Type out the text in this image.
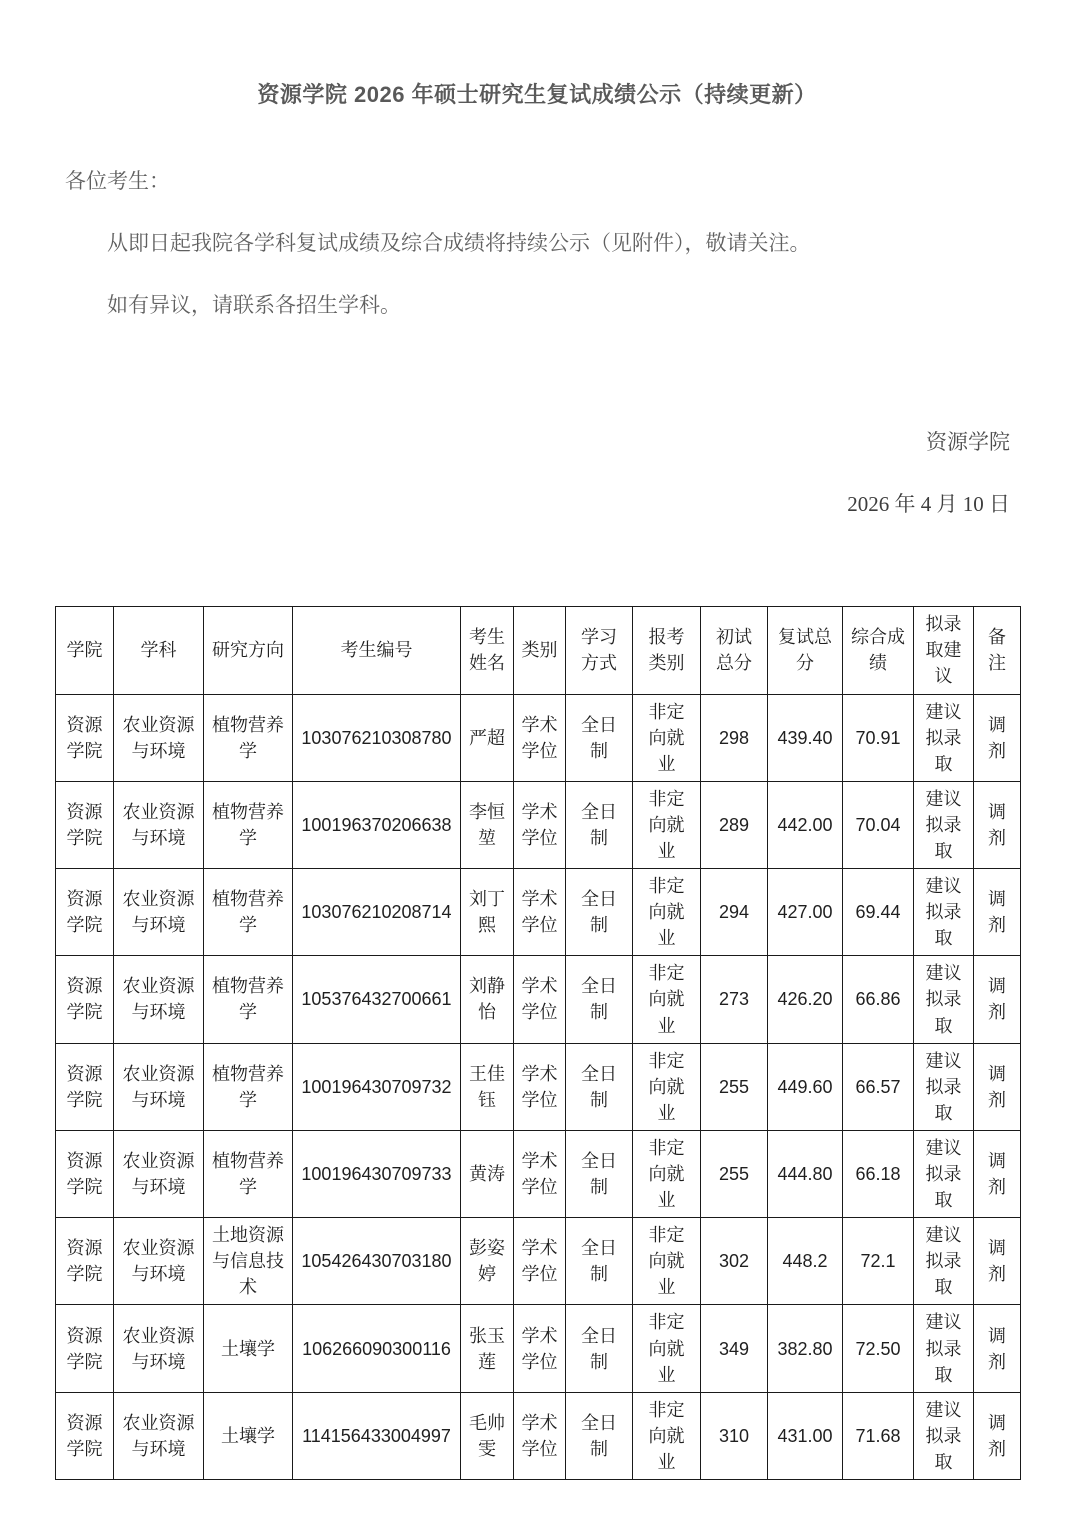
资源学院 2026 年硕士研究生复试成绩公示（持续更新）

各位考生：

从即日起我院各学科复试成绩及综合成绩将持续公示（见附件），敬请关注。

如有异议，请联系各招生学科。

资源学院
2026 年 4 月 10 日
学院	学科	研究方向	考生编号	考生姓名	类别	学习方式	报考类别	初试总分	复试总分	综合成绩	拟录取建议	备注
资源学院	农业资源与环境	植物营养学	103076210308780	严超	学术学位	全日制	非定向就业	298	439.40	70.91	建议拟录取	调剂
资源学院	农业资源与环境	植物营养学	100196370206638	李恒堃	学术学位	全日制	非定向就业	289	442.00	70.04	建议拟录取	调剂
资源学院	农业资源与环境	植物营养学	103076210208714	刘丁熙	学术学位	全日制	非定向就业	294	427.00	69.44	建议拟录取	调剂
资源学院	农业资源与环境	植物营养学	105376432700661	刘静怡	学术学位	全日制	非定向就业	273	426.20	66.86	建议拟录取	调剂
资源学院	农业资源与环境	植物营养学	100196430709732	王佳钰	学术学位	全日制	非定向就业	255	449.60	66.57	建议拟录取	调剂
资源学院	农业资源与环境	植物营养学	100196430709733	黄涛	学术学位	全日制	非定向就业	255	444.80	66.18	建议拟录取	调剂
资源学院	农业资源与环境	土地资源与信息技术	105426430703180	彭姿婷	学术学位	全日制	非定向就业	302	448.2	72.1	建议拟录取	调剂
资源学院	农业资源与环境	土壤学	106266090300116	张玉莲	学术学位	全日制	非定向就业	349	382.80	72.50	建议拟录取	调剂
资源学院	农业资源与环境	土壤学	114156433004997	毛帅雯	学术学位	全日制	非定向就业	310	431.00	71.68	建议拟录取	调剂
